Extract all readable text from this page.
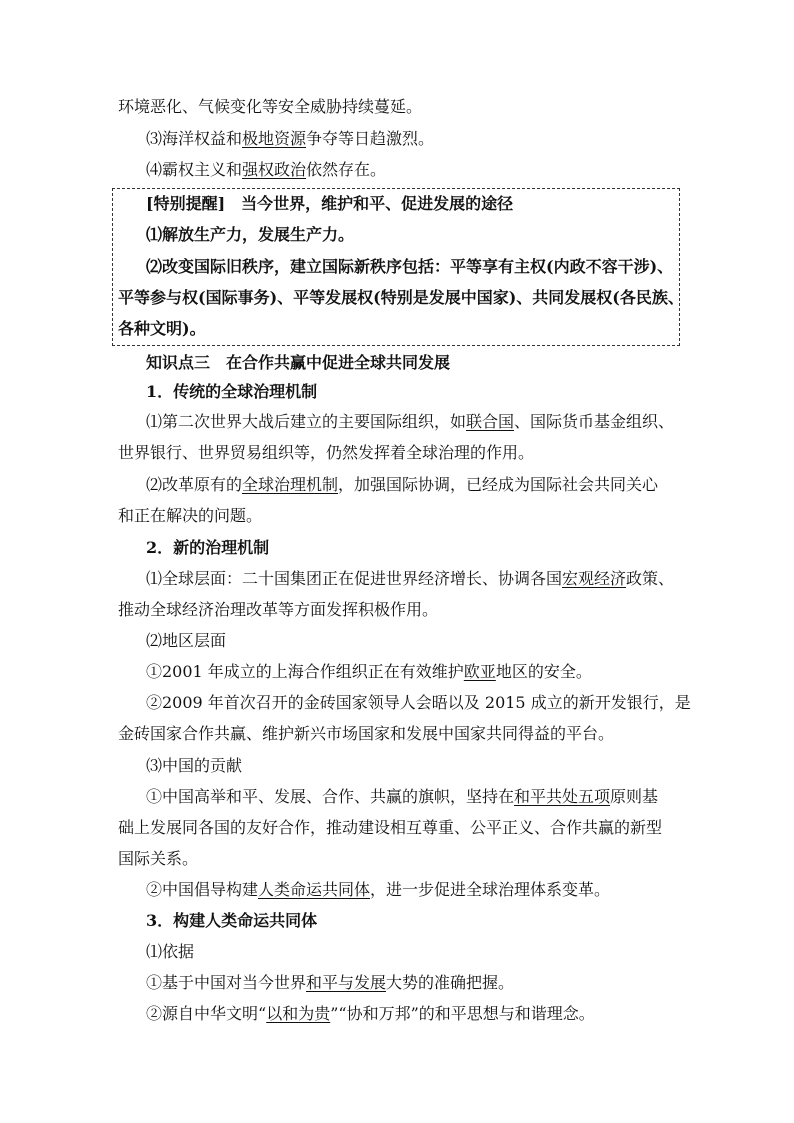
环境恶化、气候变化等安全威胁持续蔓延。
⑶海洋权益和极地资源争夺等日趋激烈。
⑷霸权主义和强权政治依然存在。
[特别提醒]　当今世界，维护和平、促进发展的途径
⑴解放生产力，发展生产力。
⑵改变国际旧秩序，建立国际新秩序包括：平等享有主权(内政不容干涉)、
平等参与权(国际事务)、平等发展权(特别是发展中国家)、共同发展权(各民族、
各种文明)。
知识点三　在合作共赢中促进全球共同发展
1．传统的全球治理机制
⑴第二次世界大战后建立的主要国际组织，如联合国、国际货币基金组织、
世界银行、世界贸易组织等，仍然发挥着全球治理的作用。
⑵改革原有的全球治理机制，加强国际协调，已经成为国际社会共同关心
和正在解决的问题。
2．新的治理机制
⑴全球层面：二十国集团正在促进世界经济增长、协调各国宏观经济政策、
推动全球经济治理改革等方面发挥积极作用。
⑵地区层面
①2001 年成立的上海合作组织正在有效维护欧亚地区的安全。
②2009 年首次召开的金砖国家领导人会晤以及 2015 成立的新开发银行，是
金砖国家合作共赢、维护新兴市场国家和发展中国家共同得益的平台。
⑶中国的贡献
①中国高举和平、发展、合作、共赢的旗帜，坚持在和平共处五项原则基
础上发展同各国的友好合作，推动建设相互尊重、公平正义、合作共赢的新型
国际关系。
②中国倡导构建人类命运共同体，进一步促进全球治理体系变革。
3．构建人类命运共同体
⑴依据
①基于中国对当今世界和平与发展大势的准确把握。
②源自中华文明“以和为贵”“协和万邦”的和平思想与和谐理念。
